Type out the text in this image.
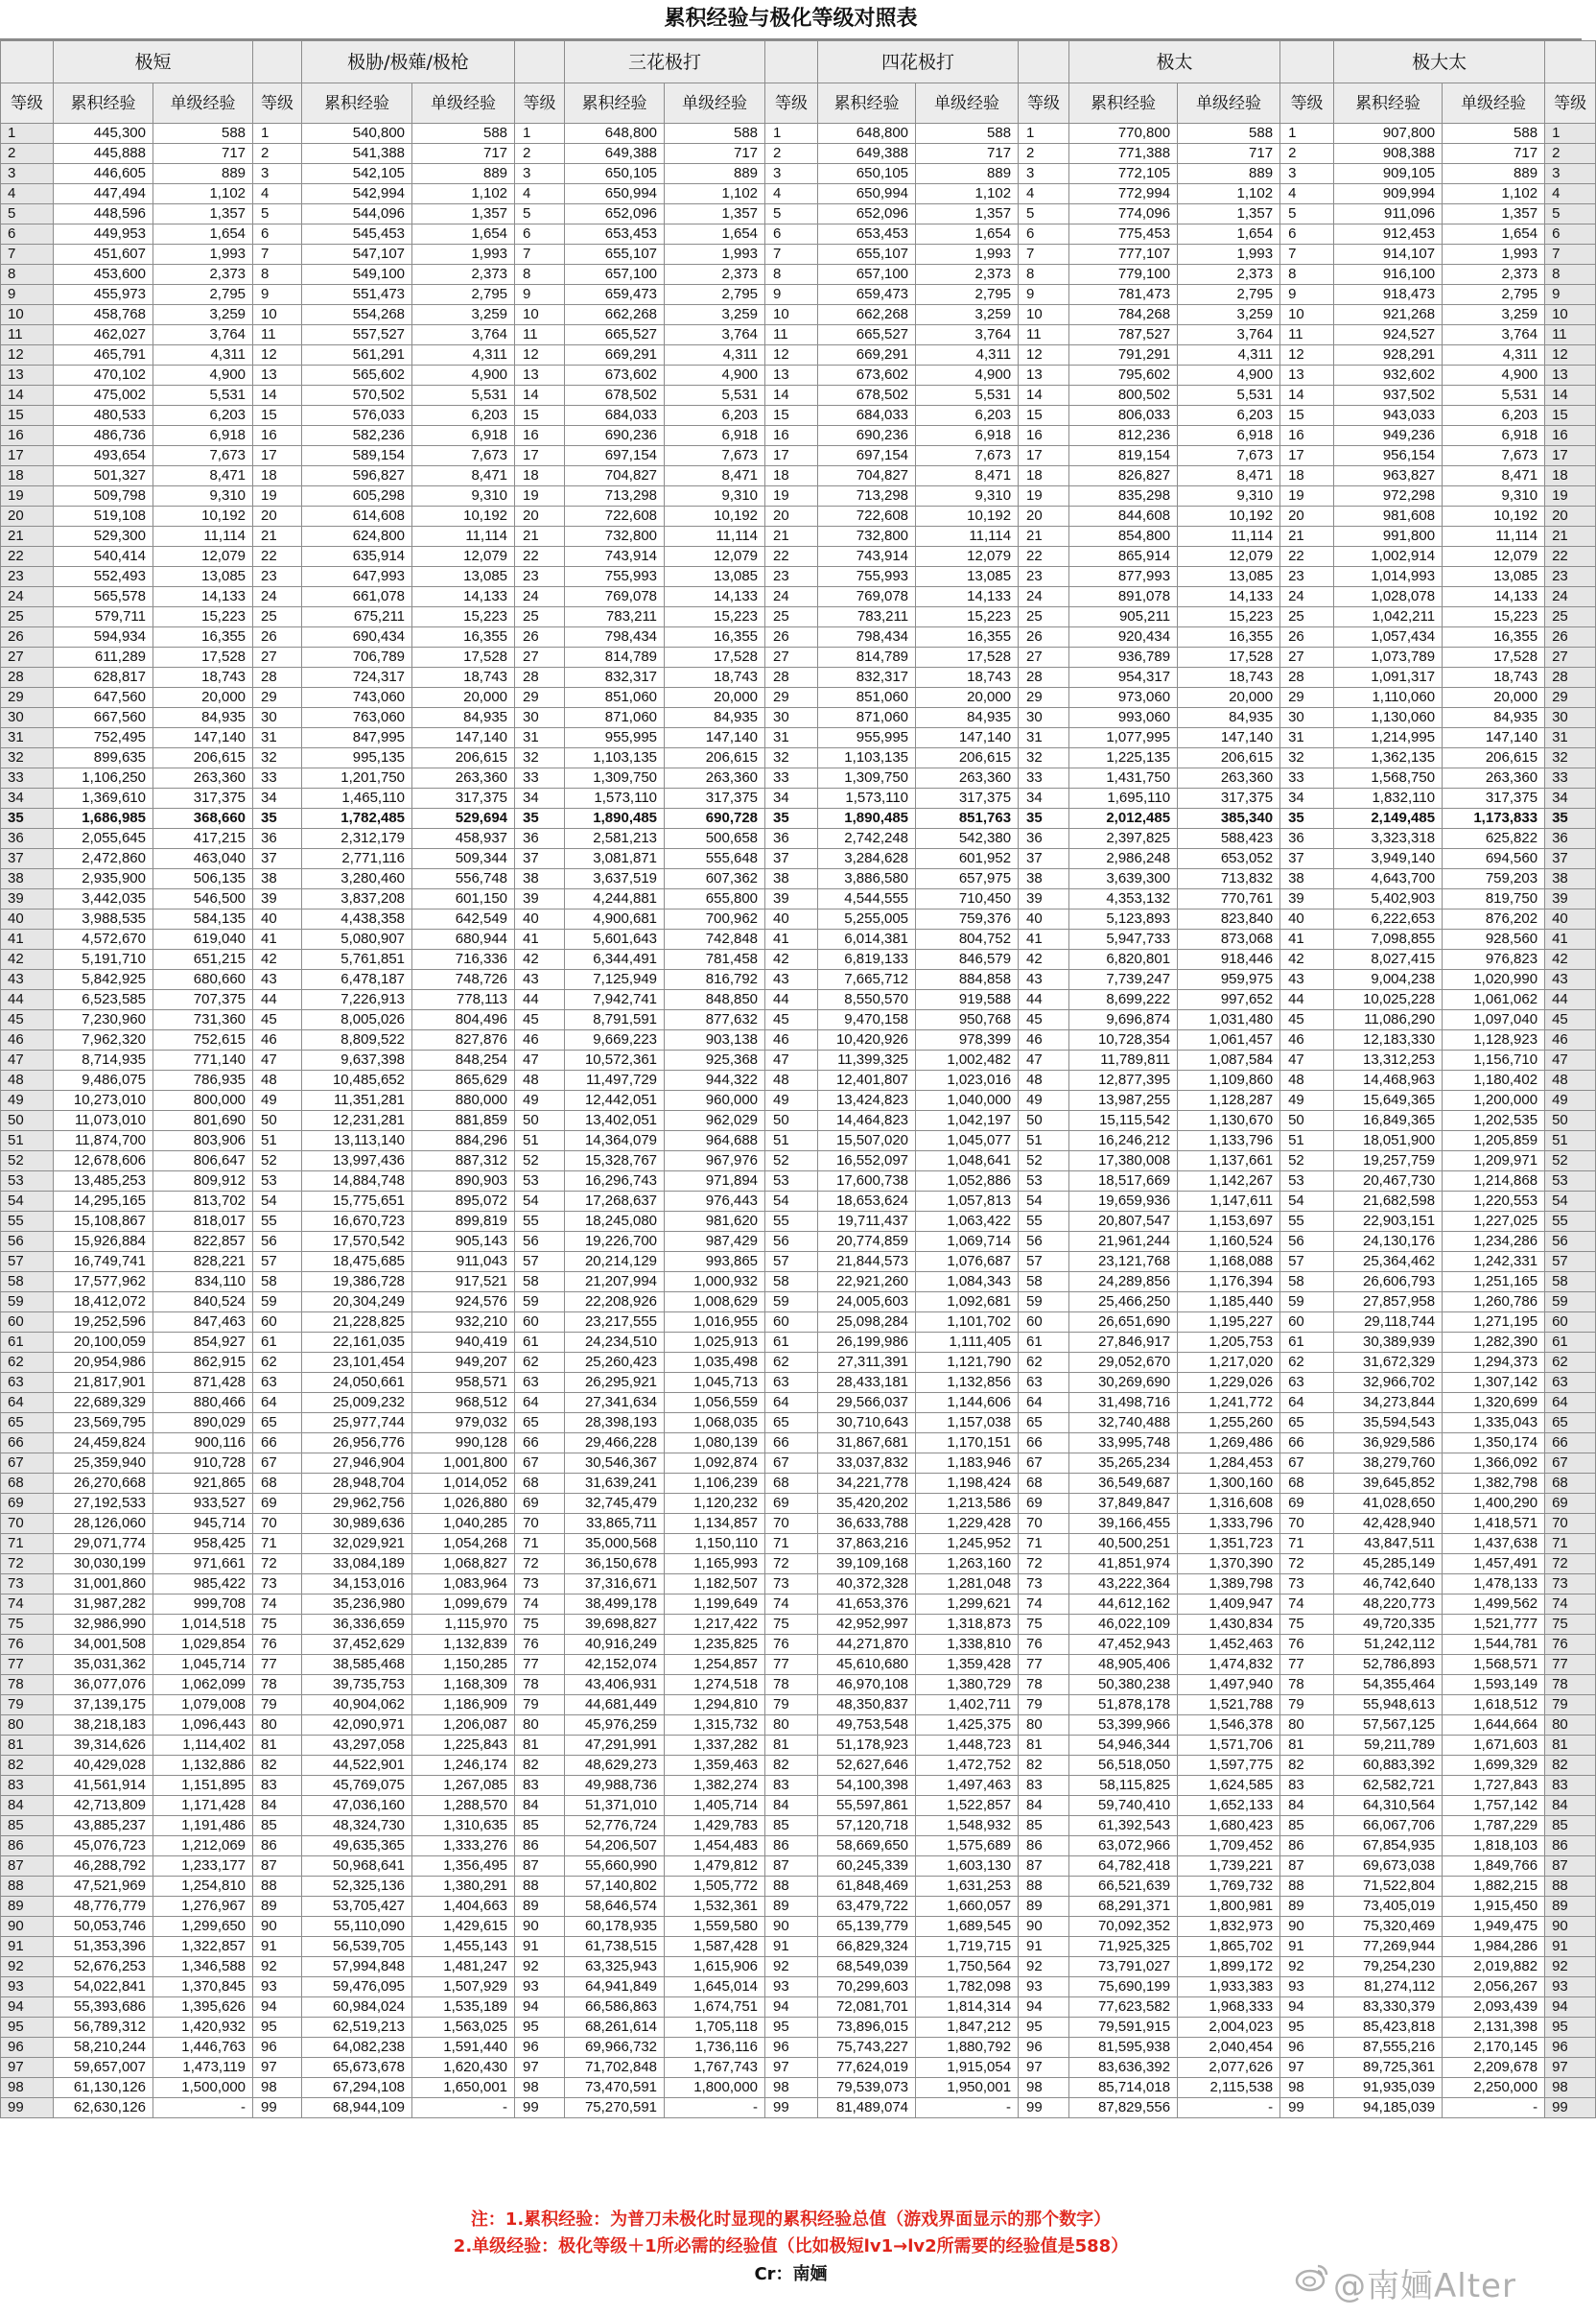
累积经验与极化等级对照表
	极短			极胁/极薙/极枪			三花极打			四花极打			极太			极大太		
等级	累积经验	单级经验	等级	累积经验	单级经验	等级	累积经验	单级经验	等级	累积经验	单级经验	等级	累积经验	单级经验	等级	累积经验	单级经验	等级
1	445,300	588	1	540,800	588	1	648,800	588	1	648,800	588	1	770,800	588	1	907,800	588	1
2	445,888	717	2	541,388	717	2	649,388	717	2	649,388	717	2	771,388	717	2	908,388	717	2
3	446,605	889	3	542,105	889	3	650,105	889	3	650,105	889	3	772,105	889	3	909,105	889	3
4	447,494	1,102	4	542,994	1,102	4	650,994	1,102	4	650,994	1,102	4	772,994	1,102	4	909,994	1,102	4
5	448,596	1,357	5	544,096	1,357	5	652,096	1,357	5	652,096	1,357	5	774,096	1,357	5	911,096	1,357	5
6	449,953	1,654	6	545,453	1,654	6	653,453	1,654	6	653,453	1,654	6	775,453	1,654	6	912,453	1,654	6
7	451,607	1,993	7	547,107	1,993	7	655,107	1,993	7	655,107	1,993	7	777,107	1,993	7	914,107	1,993	7
8	453,600	2,373	8	549,100	2,373	8	657,100	2,373	8	657,100	2,373	8	779,100	2,373	8	916,100	2,373	8
9	455,973	2,795	9	551,473	2,795	9	659,473	2,795	9	659,473	2,795	9	781,473	2,795	9	918,473	2,795	9
10	458,768	3,259	10	554,268	3,259	10	662,268	3,259	10	662,268	3,259	10	784,268	3,259	10	921,268	3,259	10
11	462,027	3,764	11	557,527	3,764	11	665,527	3,764	11	665,527	3,764	11	787,527	3,764	11	924,527	3,764	11
12	465,791	4,311	12	561,291	4,311	12	669,291	4,311	12	669,291	4,311	12	791,291	4,311	12	928,291	4,311	12
13	470,102	4,900	13	565,602	4,900	13	673,602	4,900	13	673,602	4,900	13	795,602	4,900	13	932,602	4,900	13
14	475,002	5,531	14	570,502	5,531	14	678,502	5,531	14	678,502	5,531	14	800,502	5,531	14	937,502	5,531	14
15	480,533	6,203	15	576,033	6,203	15	684,033	6,203	15	684,033	6,203	15	806,033	6,203	15	943,033	6,203	15
16	486,736	6,918	16	582,236	6,918	16	690,236	6,918	16	690,236	6,918	16	812,236	6,918	16	949,236	6,918	16
17	493,654	7,673	17	589,154	7,673	17	697,154	7,673	17	697,154	7,673	17	819,154	7,673	17	956,154	7,673	17
18	501,327	8,471	18	596,827	8,471	18	704,827	8,471	18	704,827	8,471	18	826,827	8,471	18	963,827	8,471	18
19	509,798	9,310	19	605,298	9,310	19	713,298	9,310	19	713,298	9,310	19	835,298	9,310	19	972,298	9,310	19
20	519,108	10,192	20	614,608	10,192	20	722,608	10,192	20	722,608	10,192	20	844,608	10,192	20	981,608	10,192	20
21	529,300	11,114	21	624,800	11,114	21	732,800	11,114	21	732,800	11,114	21	854,800	11,114	21	991,800	11,114	21
22	540,414	12,079	22	635,914	12,079	22	743,914	12,079	22	743,914	12,079	22	865,914	12,079	22	1,002,914	12,079	22
23	552,493	13,085	23	647,993	13,085	23	755,993	13,085	23	755,993	13,085	23	877,993	13,085	23	1,014,993	13,085	23
24	565,578	14,133	24	661,078	14,133	24	769,078	14,133	24	769,078	14,133	24	891,078	14,133	24	1,028,078	14,133	24
25	579,711	15,223	25	675,211	15,223	25	783,211	15,223	25	783,211	15,223	25	905,211	15,223	25	1,042,211	15,223	25
26	594,934	16,355	26	690,434	16,355	26	798,434	16,355	26	798,434	16,355	26	920,434	16,355	26	1,057,434	16,355	26
27	611,289	17,528	27	706,789	17,528	27	814,789	17,528	27	814,789	17,528	27	936,789	17,528	27	1,073,789	17,528	27
28	628,817	18,743	28	724,317	18,743	28	832,317	18,743	28	832,317	18,743	28	954,317	18,743	28	1,091,317	18,743	28
29	647,560	20,000	29	743,060	20,000	29	851,060	20,000	29	851,060	20,000	29	973,060	20,000	29	1,110,060	20,000	29
30	667,560	84,935	30	763,060	84,935	30	871,060	84,935	30	871,060	84,935	30	993,060	84,935	30	1,130,060	84,935	30
31	752,495	147,140	31	847,995	147,140	31	955,995	147,140	31	955,995	147,140	31	1,077,995	147,140	31	1,214,995	147,140	31
32	899,635	206,615	32	995,135	206,615	32	1,103,135	206,615	32	1,103,135	206,615	32	1,225,135	206,615	32	1,362,135	206,615	32
33	1,106,250	263,360	33	1,201,750	263,360	33	1,309,750	263,360	33	1,309,750	263,360	33	1,431,750	263,360	33	1,568,750	263,360	33
34	1,369,610	317,375	34	1,465,110	317,375	34	1,573,110	317,375	34	1,573,110	317,375	34	1,695,110	317,375	34	1,832,110	317,375	34
35	1,686,985	368,660	35	1,782,485	529,694	35	1,890,485	690,728	35	1,890,485	851,763	35	2,012,485	385,340	35	2,149,485	1,173,833	35
36	2,055,645	417,215	36	2,312,179	458,937	36	2,581,213	500,658	36	2,742,248	542,380	36	2,397,825	588,423	36	3,323,318	625,822	36
37	2,472,860	463,040	37	2,771,116	509,344	37	3,081,871	555,648	37	3,284,628	601,952	37	2,986,248	653,052	37	3,949,140	694,560	37
38	2,935,900	506,135	38	3,280,460	556,748	38	3,637,519	607,362	38	3,886,580	657,975	38	3,639,300	713,832	38	4,643,700	759,203	38
39	3,442,035	546,500	39	3,837,208	601,150	39	4,244,881	655,800	39	4,544,555	710,450	39	4,353,132	770,761	39	5,402,903	819,750	39
40	3,988,535	584,135	40	4,438,358	642,549	40	4,900,681	700,962	40	5,255,005	759,376	40	5,123,893	823,840	40	6,222,653	876,202	40
41	4,572,670	619,040	41	5,080,907	680,944	41	5,601,643	742,848	41	6,014,381	804,752	41	5,947,733	873,068	41	7,098,855	928,560	41
42	5,191,710	651,215	42	5,761,851	716,336	42	6,344,491	781,458	42	6,819,133	846,579	42	6,820,801	918,446	42	8,027,415	976,823	42
43	5,842,925	680,660	43	6,478,187	748,726	43	7,125,949	816,792	43	7,665,712	884,858	43	7,739,247	959,975	43	9,004,238	1,020,990	43
44	6,523,585	707,375	44	7,226,913	778,113	44	7,942,741	848,850	44	8,550,570	919,588	44	8,699,222	997,652	44	10,025,228	1,061,062	44
45	7,230,960	731,360	45	8,005,026	804,496	45	8,791,591	877,632	45	9,470,158	950,768	45	9,696,874	1,031,480	45	11,086,290	1,097,040	45
46	7,962,320	752,615	46	8,809,522	827,876	46	9,669,223	903,138	46	10,420,926	978,399	46	10,728,354	1,061,457	46	12,183,330	1,128,923	46
47	8,714,935	771,140	47	9,637,398	848,254	47	10,572,361	925,368	47	11,399,325	1,002,482	47	11,789,811	1,087,584	47	13,312,253	1,156,710	47
48	9,486,075	786,935	48	10,485,652	865,629	48	11,497,729	944,322	48	12,401,807	1,023,016	48	12,877,395	1,109,860	48	14,468,963	1,180,402	48
49	10,273,010	800,000	49	11,351,281	880,000	49	12,442,051	960,000	49	13,424,823	1,040,000	49	13,987,255	1,128,287	49	15,649,365	1,200,000	49
50	11,073,010	801,690	50	12,231,281	881,859	50	13,402,051	962,029	50	14,464,823	1,042,197	50	15,115,542	1,130,670	50	16,849,365	1,202,535	50
51	11,874,700	803,906	51	13,113,140	884,296	51	14,364,079	964,688	51	15,507,020	1,045,077	51	16,246,212	1,133,796	51	18,051,900	1,205,859	51
52	12,678,606	806,647	52	13,997,436	887,312	52	15,328,767	967,976	52	16,552,097	1,048,641	52	17,380,008	1,137,661	52	19,257,759	1,209,971	52
53	13,485,253	809,912	53	14,884,748	890,903	53	16,296,743	971,894	53	17,600,738	1,052,886	53	18,517,669	1,142,267	53	20,467,730	1,214,868	53
54	14,295,165	813,702	54	15,775,651	895,072	54	17,268,637	976,443	54	18,653,624	1,057,813	54	19,659,936	1,147,611	54	21,682,598	1,220,553	54
55	15,108,867	818,017	55	16,670,723	899,819	55	18,245,080	981,620	55	19,711,437	1,063,422	55	20,807,547	1,153,697	55	22,903,151	1,227,025	55
56	15,926,884	822,857	56	17,570,542	905,143	56	19,226,700	987,429	56	20,774,859	1,069,714	56	21,961,244	1,160,524	56	24,130,176	1,234,286	56
57	16,749,741	828,221	57	18,475,685	911,043	57	20,214,129	993,865	57	21,844,573	1,076,687	57	23,121,768	1,168,088	57	25,364,462	1,242,331	57
58	17,577,962	834,110	58	19,386,728	917,521	58	21,207,994	1,000,932	58	22,921,260	1,084,343	58	24,289,856	1,176,394	58	26,606,793	1,251,165	58
59	18,412,072	840,524	59	20,304,249	924,576	59	22,208,926	1,008,629	59	24,005,603	1,092,681	59	25,466,250	1,185,440	59	27,857,958	1,260,786	59
60	19,252,596	847,463	60	21,228,825	932,210	60	23,217,555	1,016,955	60	25,098,284	1,101,702	60	26,651,690	1,195,227	60	29,118,744	1,271,195	60
61	20,100,059	854,927	61	22,161,035	940,419	61	24,234,510	1,025,913	61	26,199,986	1,111,405	61	27,846,917	1,205,753	61	30,389,939	1,282,390	61
62	20,954,986	862,915	62	23,101,454	949,207	62	25,260,423	1,035,498	62	27,311,391	1,121,790	62	29,052,670	1,217,020	62	31,672,329	1,294,373	62
63	21,817,901	871,428	63	24,050,661	958,571	63	26,295,921	1,045,713	63	28,433,181	1,132,856	63	30,269,690	1,229,026	63	32,966,702	1,307,142	63
64	22,689,329	880,466	64	25,009,232	968,512	64	27,341,634	1,056,559	64	29,566,037	1,144,606	64	31,498,716	1,241,772	64	34,273,844	1,320,699	64
65	23,569,795	890,029	65	25,977,744	979,032	65	28,398,193	1,068,035	65	30,710,643	1,157,038	65	32,740,488	1,255,260	65	35,594,543	1,335,043	65
66	24,459,824	900,116	66	26,956,776	990,128	66	29,466,228	1,080,139	66	31,867,681	1,170,151	66	33,995,748	1,269,486	66	36,929,586	1,350,174	66
67	25,359,940	910,728	67	27,946,904	1,001,800	67	30,546,367	1,092,874	67	33,037,832	1,183,946	67	35,265,234	1,284,453	67	38,279,760	1,366,092	67
68	26,270,668	921,865	68	28,948,704	1,014,052	68	31,639,241	1,106,239	68	34,221,778	1,198,424	68	36,549,687	1,300,160	68	39,645,852	1,382,798	68
69	27,192,533	933,527	69	29,962,756	1,026,880	69	32,745,479	1,120,232	69	35,420,202	1,213,586	69	37,849,847	1,316,608	69	41,028,650	1,400,290	69
70	28,126,060	945,714	70	30,989,636	1,040,285	70	33,865,711	1,134,857	70	36,633,788	1,229,428	70	39,166,455	1,333,796	70	42,428,940	1,418,571	70
71	29,071,774	958,425	71	32,029,921	1,054,268	71	35,000,568	1,150,110	71	37,863,216	1,245,952	71	40,500,251	1,351,723	71	43,847,511	1,437,638	71
72	30,030,199	971,661	72	33,084,189	1,068,827	72	36,150,678	1,165,993	72	39,109,168	1,263,160	72	41,851,974	1,370,390	72	45,285,149	1,457,491	72
73	31,001,860	985,422	73	34,153,016	1,083,964	73	37,316,671	1,182,507	73	40,372,328	1,281,048	73	43,222,364	1,389,798	73	46,742,640	1,478,133	73
74	31,987,282	999,708	74	35,236,980	1,099,679	74	38,499,178	1,199,649	74	41,653,376	1,299,621	74	44,612,162	1,409,947	74	48,220,773	1,499,562	74
75	32,986,990	1,014,518	75	36,336,659	1,115,970	75	39,698,827	1,217,422	75	42,952,997	1,318,873	75	46,022,109	1,430,834	75	49,720,335	1,521,777	75
76	34,001,508	1,029,854	76	37,452,629	1,132,839	76	40,916,249	1,235,825	76	44,271,870	1,338,810	76	47,452,943	1,452,463	76	51,242,112	1,544,781	76
77	35,031,362	1,045,714	77	38,585,468	1,150,285	77	42,152,074	1,254,857	77	45,610,680	1,359,428	77	48,905,406	1,474,832	77	52,786,893	1,568,571	77
78	36,077,076	1,062,099	78	39,735,753	1,168,309	78	43,406,931	1,274,518	78	46,970,108	1,380,729	78	50,380,238	1,497,940	78	54,355,464	1,593,149	78
79	37,139,175	1,079,008	79	40,904,062	1,186,909	79	44,681,449	1,294,810	79	48,350,837	1,402,711	79	51,878,178	1,521,788	79	55,948,613	1,618,512	79
80	38,218,183	1,096,443	80	42,090,971	1,206,087	80	45,976,259	1,315,732	80	49,753,548	1,425,375	80	53,399,966	1,546,378	80	57,567,125	1,644,664	80
81	39,314,626	1,114,402	81	43,297,058	1,225,843	81	47,291,991	1,337,282	81	51,178,923	1,448,723	81	54,946,344	1,571,706	81	59,211,789	1,671,603	81
82	40,429,028	1,132,886	82	44,522,901	1,246,174	82	48,629,273	1,359,463	82	52,627,646	1,472,752	82	56,518,050	1,597,775	82	60,883,392	1,699,329	82
83	41,561,914	1,151,895	83	45,769,075	1,267,085	83	49,988,736	1,382,274	83	54,100,398	1,497,463	83	58,115,825	1,624,585	83	62,582,721	1,727,843	83
84	42,713,809	1,171,428	84	47,036,160	1,288,570	84	51,371,010	1,405,714	84	55,597,861	1,522,857	84	59,740,410	1,652,133	84	64,310,564	1,757,142	84
85	43,885,237	1,191,486	85	48,324,730	1,310,635	85	52,776,724	1,429,783	85	57,120,718	1,548,932	85	61,392,543	1,680,423	85	66,067,706	1,787,229	85
86	45,076,723	1,212,069	86	49,635,365	1,333,276	86	54,206,507	1,454,483	86	58,669,650	1,575,689	86	63,072,966	1,709,452	86	67,854,935	1,818,103	86
87	46,288,792	1,233,177	87	50,968,641	1,356,495	87	55,660,990	1,479,812	87	60,245,339	1,603,130	87	64,782,418	1,739,221	87	69,673,038	1,849,766	87
88	47,521,969	1,254,810	88	52,325,136	1,380,291	88	57,140,802	1,505,772	88	61,848,469	1,631,253	88	66,521,639	1,769,732	88	71,522,804	1,882,215	88
89	48,776,779	1,276,967	89	53,705,427	1,404,663	89	58,646,574	1,532,361	89	63,479,722	1,660,057	89	68,291,371	1,800,981	89	73,405,019	1,915,450	89
90	50,053,746	1,299,650	90	55,110,090	1,429,615	90	60,178,935	1,559,580	90	65,139,779	1,689,545	90	70,092,352	1,832,973	90	75,320,469	1,949,475	90
91	51,353,396	1,322,857	91	56,539,705	1,455,143	91	61,738,515	1,587,428	91	66,829,324	1,719,715	91	71,925,325	1,865,702	91	77,269,944	1,984,286	91
92	52,676,253	1,346,588	92	57,994,848	1,481,247	92	63,325,943	1,615,906	92	68,549,039	1,750,564	92	73,791,027	1,899,172	92	79,254,230	2,019,882	92
93	54,022,841	1,370,845	93	59,476,095	1,507,929	93	64,941,849	1,645,014	93	70,299,603	1,782,098	93	75,690,199	1,933,383	93	81,274,112	2,056,267	93
94	55,393,686	1,395,626	94	60,984,024	1,535,189	94	66,586,863	1,674,751	94	72,081,701	1,814,314	94	77,623,582	1,968,333	94	83,330,379	2,093,439	94
95	56,789,312	1,420,932	95	62,519,213	1,563,025	95	68,261,614	1,705,118	95	73,896,015	1,847,212	95	79,591,915	2,004,023	95	85,423,818	2,131,398	95
96	58,210,244	1,446,763	96	64,082,238	1,591,440	96	69,966,732	1,736,116	96	75,743,227	1,880,792	96	81,595,938	2,040,454	96	87,555,216	2,170,145	96
97	59,657,007	1,473,119	97	65,673,678	1,620,430	97	71,702,848	1,767,743	97	77,624,019	1,915,054	97	83,636,392	2,077,626	97	89,725,361	2,209,678	97
98	61,130,126	1,500,000	98	67,294,108	1,650,001	98	73,470,591	1,800,000	98	79,539,073	1,950,001	98	85,714,018	2,115,538	98	91,935,039	2,250,000	98
99	62,630,126	-	99	68,944,109	-	99	75,270,591	-	99	81,489,074	-	99	87,829,556	-	99	94,185,039	-	99
注：1.累积经验：为普刀未极化时显现的累积经验总值（游戏界面显示的那个数字）
2.单级经验：极化等级＋1所必需的经验值（比如极短lv1→lv2所需要的经验值是588）
Cr：南婳	@南婳Alter
